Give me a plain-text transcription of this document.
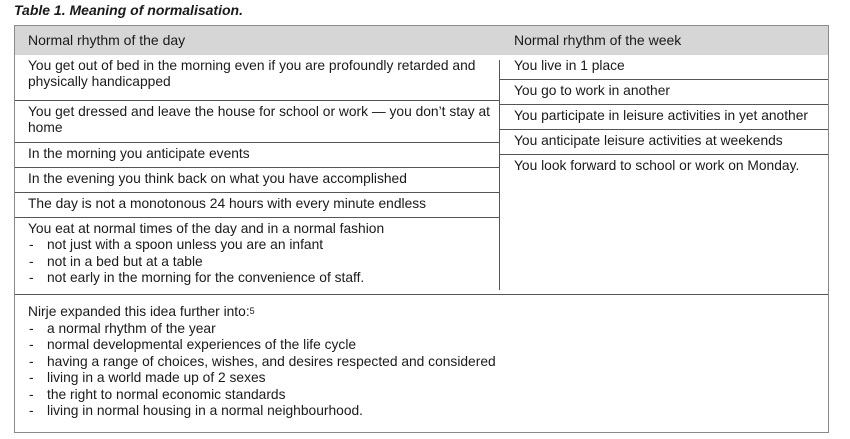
Table 1. Meaning of normalisation.
Normal rhythm of the day	Normal rhythm of the week
You get out of bed in the morning even if you are profoundly retarded and physically handicapped
You get dressed and leave the house for school or work — you don’t stay at home
In the morning you anticipate events
In the evening you think back on what you have accomplished
The day is not a monotonous 24 hours with every minute endless
You eat at normal times of the day and in a normal fashion
- not just with a spoon unless you are an infant
- not in a bed but at a table
- not early in the morning for the convenience of staff.
You live in 1 place
You go to work in another
You participate in leisure activities in yet another
You anticipate leisure activities at weekends
You look forward to school or work on Monday.
Nirje expanded this idea further into:$^5$
- a normal rhythm of the year
- normal developmental experiences of the life cycle
- having a range of choices, wishes, and desires respected and considered
- living in a world made up of 2 sexes
- the right to normal economic standards
- living in normal housing in a normal neighbourhood.
